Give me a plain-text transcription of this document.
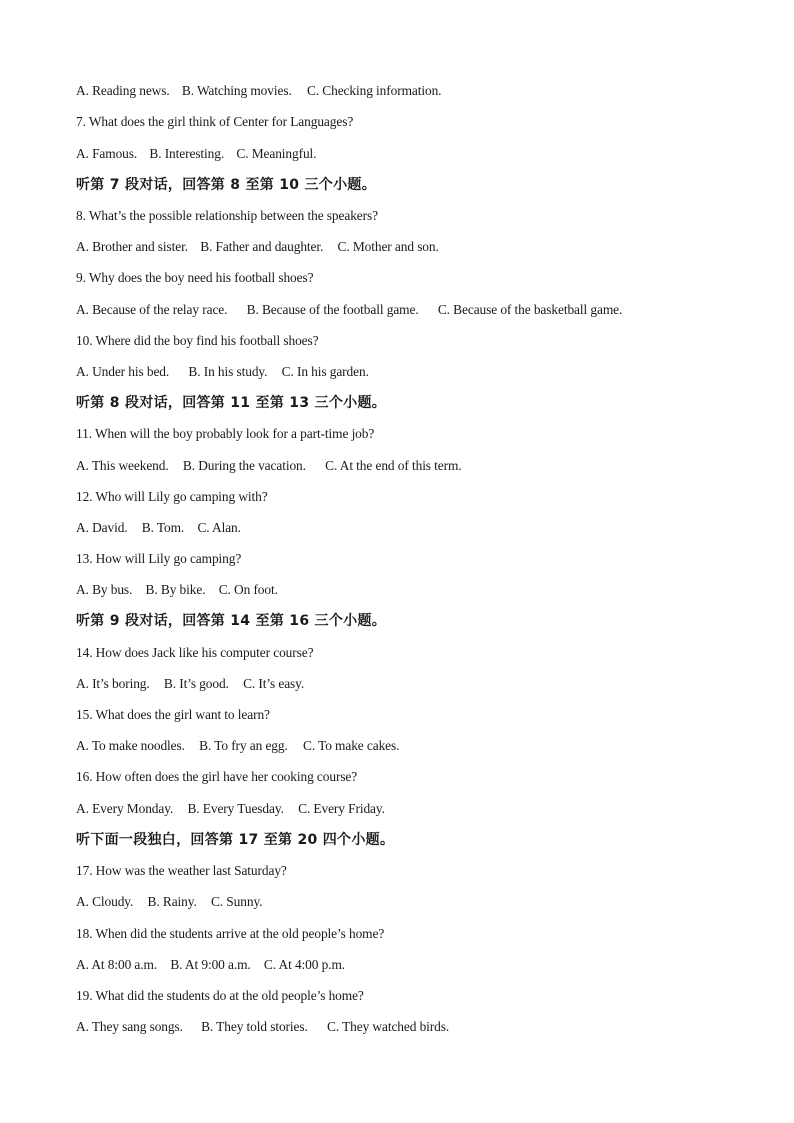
A. Reading news. B. Watching movies. C. Checking information.
7. What does the girl think of Center for Languages?
A. Famous. B. Interesting. C. Meaningful.
听第 7 段对话，回答第 8 至第 10 三个小题。
8. What’s the possible relationship between the speakers?
A. Brother and sister. B. Father and daughter. C. Mother and son.
9. Why does the boy need his football shoes?
A. Because of the relay race. B. Because of the football game. C. Because of the basketball game.
10. Where did the boy find his football shoes?
A. Under his bed. B. In his study. C. In his garden.
听第 8 段对话，回答第 11 至第 13 三个小题。
11. When will the boy probably look for a part-time job?
A. This weekend. B. During the vacation. C. At the end of this term.
12. Who will Lily go camping with?
A. David. B. Tom. C. Alan.
13. How will Lily go camping?
A. By bus. B. By bike. C. On foot.
听第 9 段对话，回答第 14 至第 16 三个小题。
14. How does Jack like his computer course?
A. It’s boring. B. It’s good. C. It’s easy.
15. What does the girl want to learn?
A. To make noodles. B. To fry an egg. C. To make cakes.
16. How often does the girl have her cooking course?
A. Every Monday. B. Every Tuesday. C. Every Friday.
听下面一段独白，回答第 17 至第 20 四个小题。
17. How was the weather last Saturday?
A. Cloudy. B. Rainy. C. Sunny.
18. When did the students arrive at the old people’s home?
A. At 8:00 a.m. B. At 9:00 a.m. C. At 4:00 p.m.
19. What did the students do at the old people’s home?
A. They sang songs. B. They told stories. C. They watched birds.
